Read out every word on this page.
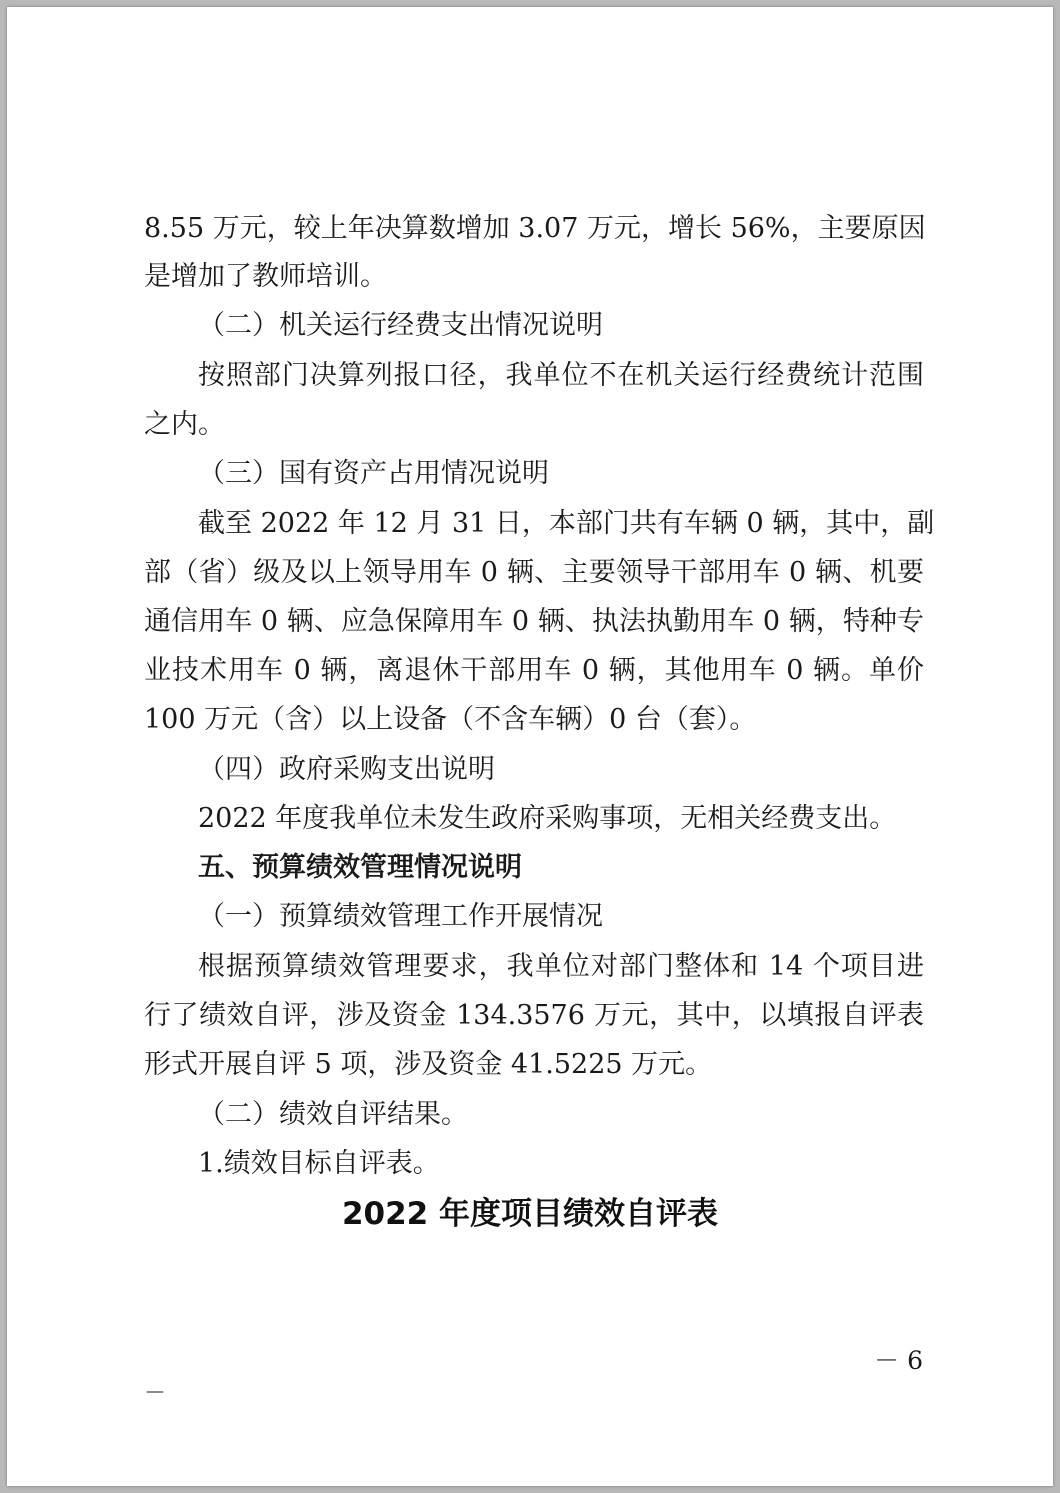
8.55 万元，较上年决算数增加 3.07 万元，增长 56%，主要原因
是增加了教师培训。
（二）机关运行经费支出情况说明
按照部门决算列报口径，我单位不在机关运行经费统计范围
之内。
（三）国有资产占用情况说明
截至 2022 年 12 月 31 日，本部门共有车辆 0 辆，其中，副
部（省）级及以上领导用车 0 辆、主要领导干部用车 0 辆、机要
通信用车 0 辆、应急保障用车 0 辆、执法执勤用车 0 辆，特种专
业技术用车 0 辆，离退休干部用车 0 辆，其他用车 0 辆。单价
100 万元（含）以上设备（不含车辆）0 台（套）。
（四）政府采购支出说明
2022 年度我单位未发生政府采购事项，无相关经费支出。
五、预算绩效管理情况说明
（一）预算绩效管理工作开展情况
根据预算绩效管理要求，我单位对部门整体和 14 个项目进
行了绩效自评，涉及资金 134.3576 万元，其中，以填报自评表
形式开展自评 5 项，涉及资金 41.5225 万元。
（二）绩效自评结果。
1.绩效目标自评表。
2022 年度项目绩效自评表
－ 6
－
